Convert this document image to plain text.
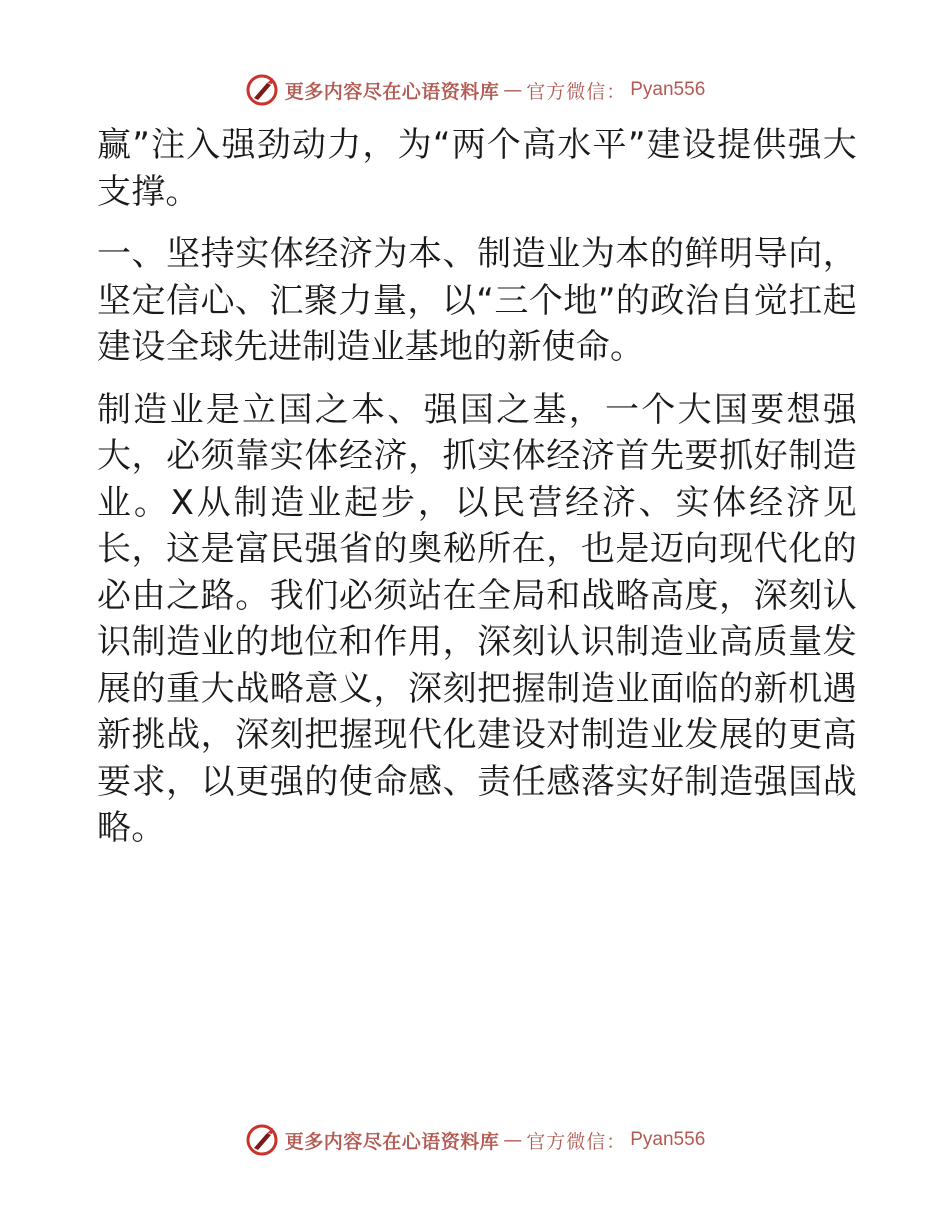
更多内容尽在心语资料库 — 官方微信： Pyan556

赢”注入强劲动力，为“两个高水平”建设提供强大支撑。

一、坚持实体经济为本、制造业为本的鲜明导向，坚定信心、汇聚力量，以“三个地”的政治自觉扛起建设全球先进制造业基地的新使命。

制造业是立国之本、强国之基，一个大国要想强大，必须靠实体经济，抓实体经济首先要抓好制造业。X从制造业起步，以民营经济、实体经济见长，这是富民强省的奥秘所在，也是迈向现代化的必由之路。我们必须站在全局和战略高度，深刻认识制造业的地位和作用，深刻认识制造业高质量发展的重大战略意义，深刻把握制造业面临的新机遇新挑战，深刻把握现代化建设对制造业发展的更高要求，以更强的使命感、责任感落实好制造强国战略。

更多内容尽在心语资料库 — 官方微信： Pyan556
